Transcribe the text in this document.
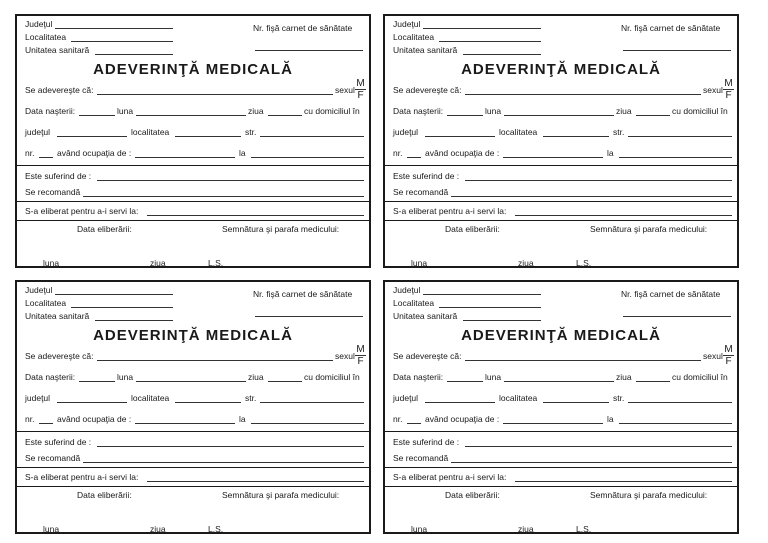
Judeţul
Localitatea
Unitatea sanitară
Nr. fişă carnet de sănătate
ADEVERINŢĂ MEDICALĂ
Se adevereşte că:	sexul
M
F
Data naşterii:	luna	ziua	cu domiciliul în
judeţul	localitatea	str.
nr.	având ocupaţia de :	la
Este suferind de :
Se recomandă
S-a eliberat pentru a-i servi la:
Data eliberării:	Semnătura şi parafa medicului:
luna	ziua	L.S.
Judeţul
Localitatea
Unitatea sanitară
Nr. fişă carnet de sănătate
ADEVERINŢĂ MEDICALĂ
Se adevereşte că:	sexul
M
F
Data naşterii:	luna	ziua	cu domiciliul în
judeţul	localitatea	str.
nr.	având ocupaţia de :	la
Este suferind de :
Se recomandă
S-a eliberat pentru a-i servi la:
Data eliberării:	Semnătura şi parafa medicului:
luna	ziua	L.S.
Judeţul
Localitatea
Unitatea sanitară
Nr. fişă carnet de sănătate
ADEVERINŢĂ MEDICALĂ
Se adevereşte că:	sexul
M
F
Data naşterii:	luna	ziua	cu domiciliul în
judeţul	localitatea	str.
nr.	având ocupaţia de :	la
Este suferind de :
Se recomandă
S-a eliberat pentru a-i servi la:
Data eliberării:	Semnătura şi parafa medicului:
luna	ziua	L.S.
Judeţul
Localitatea
Unitatea sanitară
Nr. fişă carnet de sănătate
ADEVERINŢĂ MEDICALĂ
Se adevereşte că:	sexul
M
F
Data naşterii:	luna	ziua	cu domiciliul în
judeţul	localitatea	str.
nr.	având ocupaţia de :	la
Este suferind de :
Se recomandă
S-a eliberat pentru a-i servi la:
Data eliberării:	Semnătura şi parafa medicului:
luna	ziua	L.S.
